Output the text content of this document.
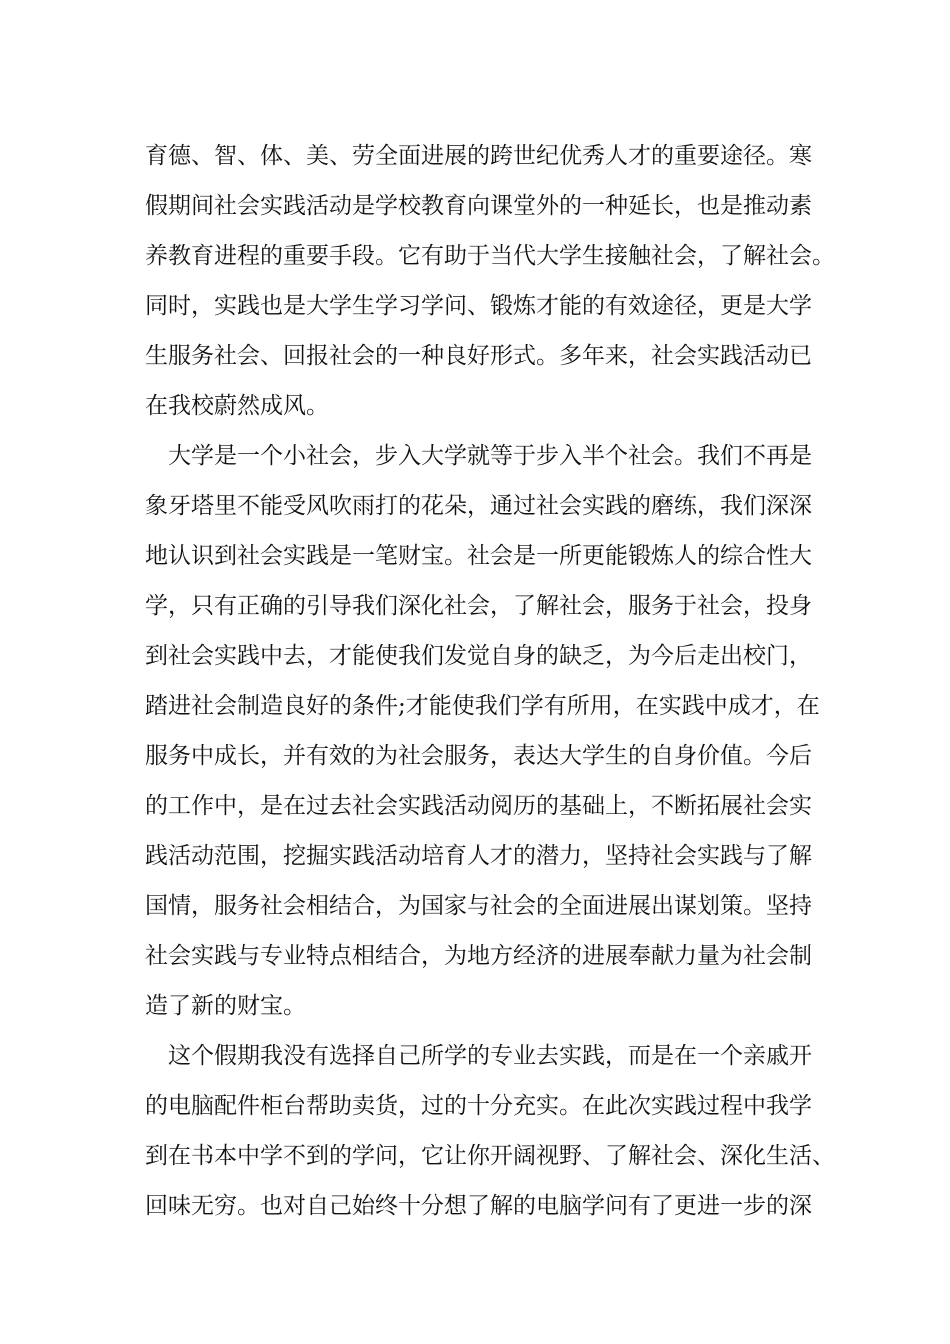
育德、智、体、美、劳全面进展的跨世纪优秀人才的重要途径。寒
假期间社会实践活动是学校教育向课堂外的一种延长，也是推动素
养教育进程的重要手段。它有助于当代大学生接触社会，了解社会。
同时，实践也是大学生学习学问、锻炼才能的有效途径，更是大学
生服务社会、回报社会的一种良好形式。多年来，社会实践活动已
在我校蔚然成风。
大学是一个小社会，步入大学就等于步入半个社会。我们不再是
象牙塔里不能受风吹雨打的花朵，通过社会实践的磨练，我们深深
地认识到社会实践是一笔财宝。社会是一所更能锻炼人的综合性大
学，只有正确的引导我们深化社会，了解社会，服务于社会，投身
到社会实践中去，才能使我们发觉自身的缺乏，为今后走出校门，
踏进社会制造良好的条件;才能使我们学有所用，在实践中成才，在
服务中成长，并有效的为社会服务，表达大学生的自身价值。今后
的工作中，是在过去社会实践活动阅历的基础上，不断拓展社会实
践活动范围，挖掘实践活动培育人才的潜力，坚持社会实践与了解
国情，服务社会相结合，为国家与社会的全面进展出谋划策。坚持
社会实践与专业特点相结合，为地方经济的进展奉献力量为社会制
造了新的财宝。
这个假期我没有选择自己所学的专业去实践，而是在一个亲戚开
的电脑配件柜台帮助卖货，过的十分充实。在此次实践过程中我学
到在书本中学不到的学问，它让你开阔视野、了解社会、深化生活、
回味无穷。也对自己始终十分想了解的电脑学问有了更进一步的深
